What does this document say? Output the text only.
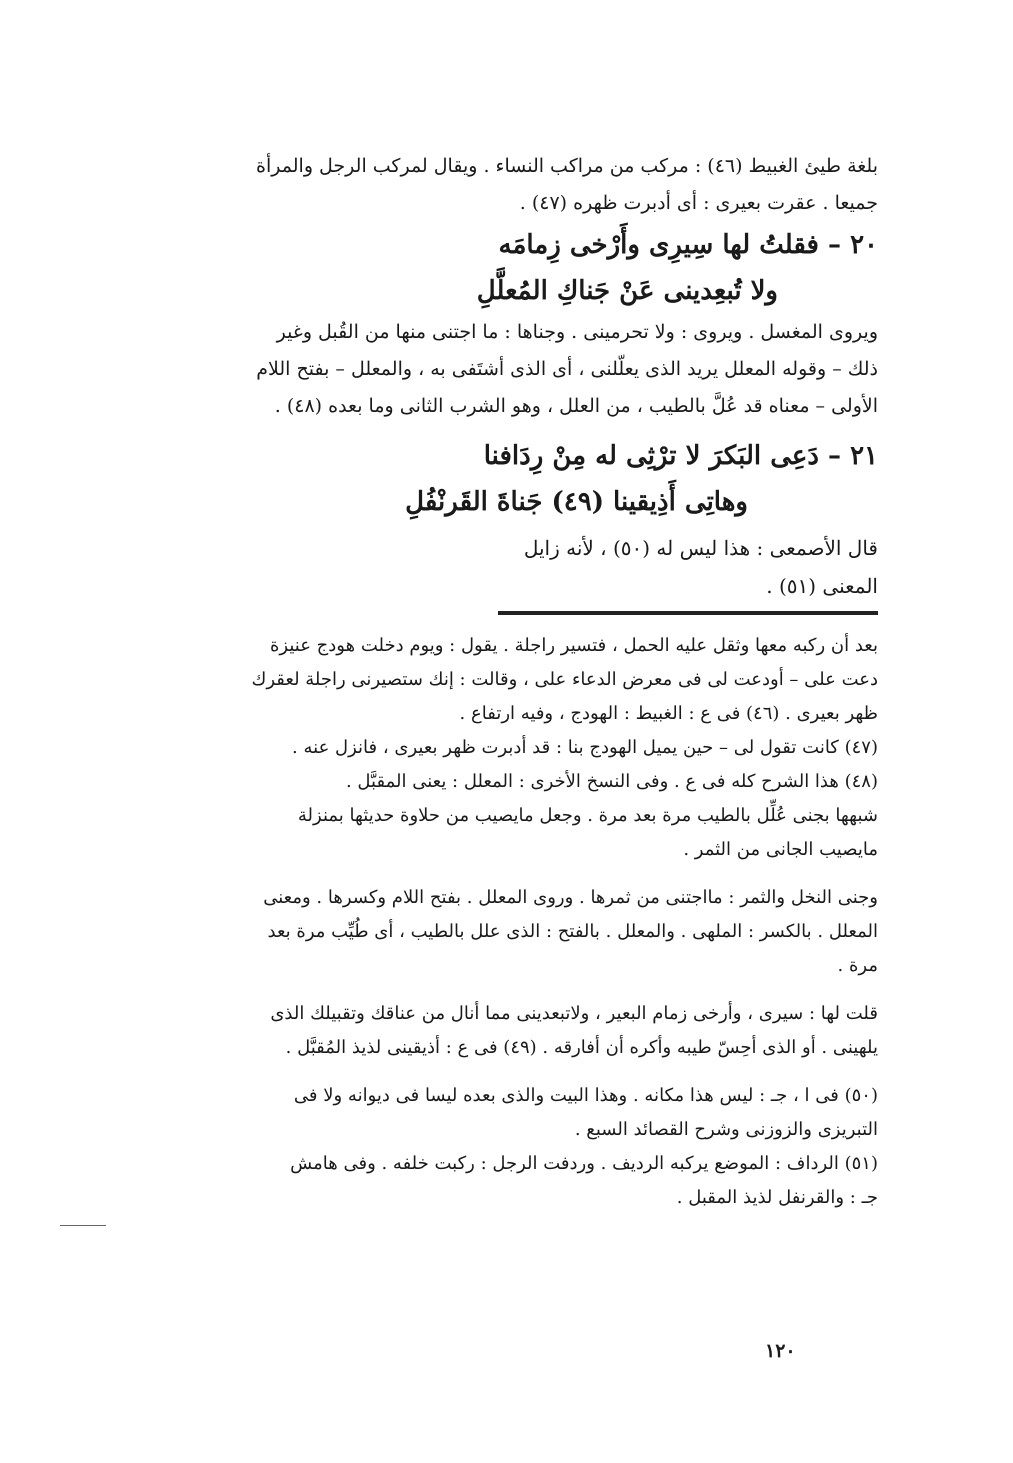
بلغة طيئ الغبيط (٤٦) : مركب من مراكب النساء . ويقال لمركب الرجل والمرأة

جميعا . عقرت بعيرى : أى أدبرت ظهره (٤٧) .

٢٠ – فقلتُ لها سِيرِى وأَرْخى زِمامَه

ولا تُبعِدينى عَنْ جَناكِ المُعلَّلِ

ويروى المغسل . ويروى : ولا تحرمينى . وجناها : ما اجتنى منها من القُبل وغير

ذلك – وقوله المعلل يريد الذى يعلّلنى ، أى الذى أشتَفى به ، والمعلل – بفتح اللام

الأولى – معناه قد عُلَّ بالطيب ، من العلل ، وهو الشرب الثانى وما بعده (٤٨) .

٢١ – دَعِى البَكرَ لا ترْثِى له مِنْ رِدَافنا

وهاتِى أَذِيقينا (٤٩) جَناةَ القَرنْفُلِ

قال الأصمعى : هذا ليس له (٥٠) ، لأنه زايل المعنى (٥١) .

بعد أن ركبه معها وثقل عليه الحمل ، فتسير راجلة . يقول : ويوم دخلت هودج عنيزة

دعت على – أودعت لى فى معرض الدعاء على ، وقالت : إنك ستصيرنى راجلة لعقرك

ظهر بعيرى . (٤٦) فى ع : الغبيط : الهودج ، وفيه ارتفاع .

(٤٧) كانت تقول لى – حين يميل الهودج بنا : قد أدبرت ظهر بعيرى ، فانزل عنه .

(٤٨) هذا الشرح كله فى ع . وفى النسخ الأخرى : المعلل : يعنى المقبَّل .

شبهها بجنى عُلِّل بالطيب مرة بعد مرة . وجعل مايصيب من حلاوة حديثها بمنزلة

مايصيب الجانى من الثمر .

وجنى النخل والثمر : مااجتنى من ثمرها . وروى المعلل . بفتح اللام وكسرها . ومعنى

المعلل . بالكسر : الملهى . والمعلل . بالفتح : الذى علل بالطيب ، أى طُيِّب مرة بعد

مرة .

قلت لها : سيرى ، وأرخى زمام البعير ، ولاتبعدينى مما أنال من عناقك وتقبيلك الذى

يلهينى . أو الذى أحِسّ طيبه وأكره أن أفارقه . (٤٩) فى ع : أذيقينى لذيذ المُقبَّل .

(٥٠) فى ا ، جـ : ليس هذا مكانه . وهذا البيت والذى بعده ليسا فى ديوانه ولا فى

التبريزى والزوزنى وشرح القصائد السبع .

(٥١) الرداف : الموضع يركبه الرديف . وردفت الرجل : ركبت خلفه . وفى هامش

جـ : والقرنفل لذيذ المقبل .

١٢٠
